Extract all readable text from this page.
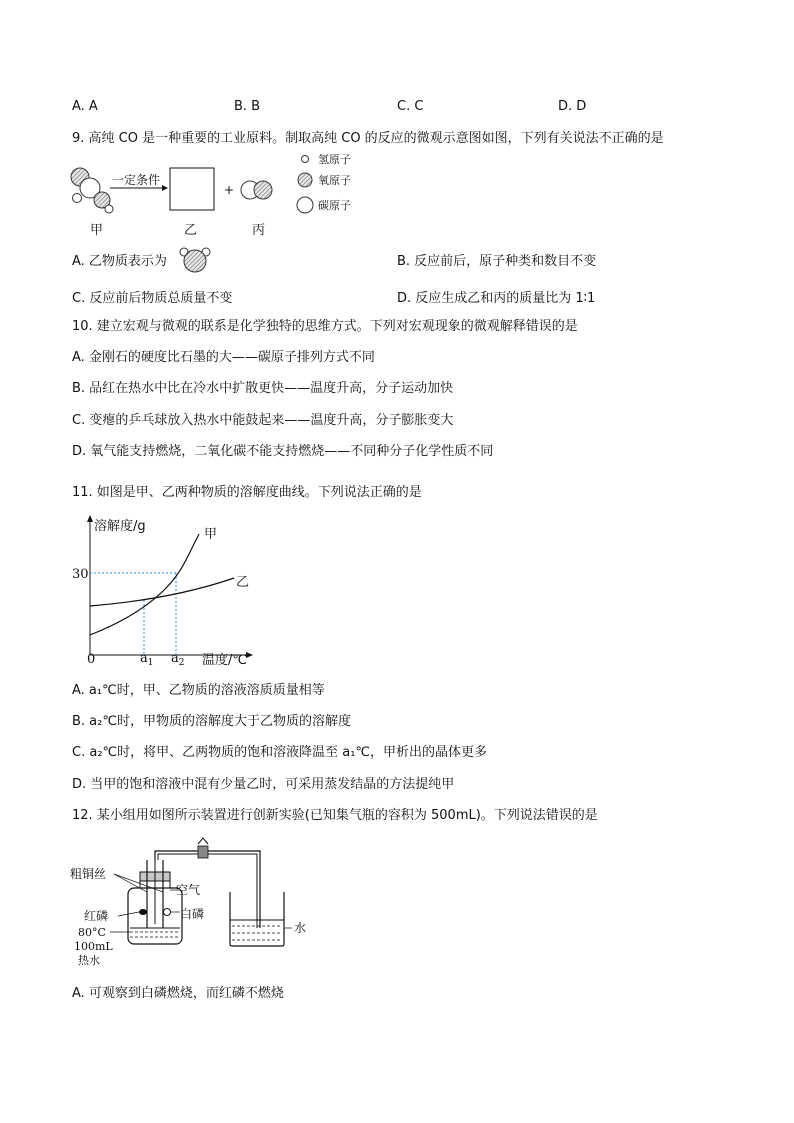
A. A	B. B	C. C	D. D
9. 高纯 CO 是一种重要的工业原料。制取高纯 CO 的反应的微观示意图如图，下列有关说法不正确的是
一定条件
+
甲	乙	丙
氢原子
氧原子
碳原子
A. 乙物质表示为	B. 反应前后，原子种类和数目不变
C. 反应前后物质总质量不变	D. 反应生成乙和丙的质量比为 1∶1
10. 建立宏观与微观的联系是化学独特的思维方式。下列对宏观现象的微观解释错误的是
A. 金刚石的硬度比石墨的大——碳原子排列方式不同
B. 品红在热水中比在冷水中扩散更快——温度升高，分子运动加快
C. 变瘪的乒乓球放入热水中能鼓起来——温度升高，分子膨胀变大
D. 氧气能支持燃烧，二氧化碳不能支持燃烧——不同种分子化学性质不同
11. 如图是甲、乙两种物质的溶解度曲线。下列说法正确的是
溶解度/g
甲
乙
30
0	$a_1$ $a_2$ 温度/℃
A. a₁℃时，甲、乙物质的溶液溶质质量相等
B. a₂℃时，甲物质的溶解度大于乙物质的溶解度
C. a₂℃时，将甲、乙两物质的饱和溶液降温至 a₁℃，甲析出的晶体更多
D. 当甲的饱和溶液中混有少量乙时，可采用蒸发结晶的方法提纯甲
12. 某小组用如图所示装置进行创新实验(已知集气瓶的容积为 500mL)。下列说法错误的是
粗铜丝
空气
红磷	白磷
80°C
100mL
热水
水
A. 可观察到白磷燃烧，而红磷不燃烧
